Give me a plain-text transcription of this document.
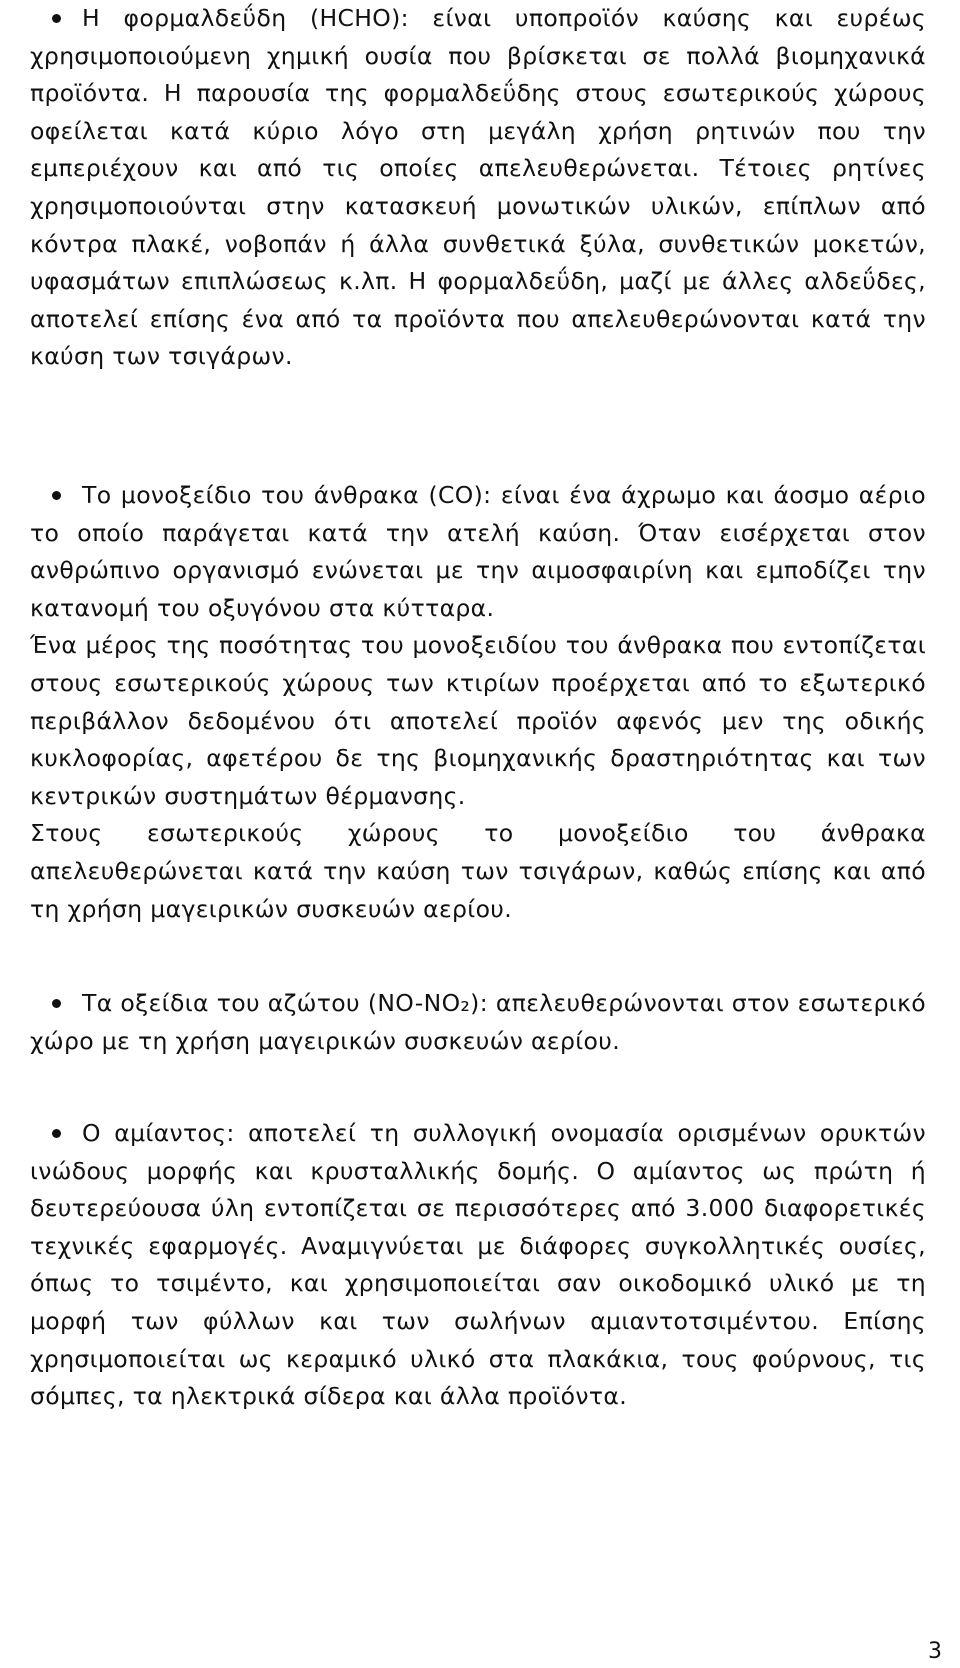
Η φορμαλδεΰδη (HCHO): είναι υποπροϊόν καύσης και ευρέως χρησιμοποιούμενη χημική ουσία που βρίσκεται σε πολλά βιομηχανικά προϊόντα. Η παρουσία της φορμαλδεΰδης στους εσωτερικούς χώρους οφείλεται κατά κύριο λόγο στη μεγάλη χρήση ρητινών που την εμπεριέχουν και από τις οποίες απελευθερώνεται. Τέτοιες ρητίνες χρησιμοποιούνται στην κατασκευή μονωτικών υλικών, επίπλων από κόντρα πλακέ, νοβοπάν ή άλλα συνθετικά ξύλα, συνθετικών μοκετών, υφασμάτων επιπλώσεως κ.λπ. Η φορμαλδεΰδη, μαζί με άλλες αλδεΰδες, αποτελεί επίσης ένα από τα προϊόντα που απελευθερώνονται κατά την καύση των τσιγάρων.

Το μονοξείδιο του άνθρακα (CO): είναι ένα άχρωμο και άοσμο αέριο το οποίο παράγεται κατά την ατελή καύση. Όταν εισέρχεται στον ανθρώπινο οργανισμό ενώνεται με την αιμοσφαιρίνη και εμποδίζει την κατανομή του οξυγόνου στα κύτταρα.

Ένα μέρος της ποσότητας του μονοξειδίου του άνθρακα που εντοπίζεται στους εσωτερικούς χώρους των κτιρίων προέρχεται από το εξωτερικό περιβάλλον δεδομένου ότι αποτελεί προϊόν αφενός μεν της οδικής κυκλοφορίας, αφετέρου δε της βιομηχανικής δραστηριότητας και των κεντρικών συστημάτων θέρμανσης.

Στους εσωτερικούς χώρους το μονοξείδιο του άνθρακα απελευθερώνεται κατά την καύση των τσιγάρων, καθώς επίσης και από τη χρήση μαγειρικών συσκευών αερίου.

Τα οξείδια του αζώτου (NO-NO₂): απελευθερώνονται στον εσωτερικό χώρο με τη χρήση μαγειρικών συσκευών αερίου.

Ο αμίαντος: αποτελεί τη συλλογική ονομασία ορισμένων ορυκτών ινώδους μορφής και κρυσταλλικής δομής. Ο αμίαντος ως πρώτη ή δευτερεύουσα ύλη εντοπίζεται σε περισσότερες από 3.000 διαφορετικές τεχνικές εφαρμογές. Αναμιγνύεται με διάφορες συγκολλητικές ουσίες, όπως το τσιμέντο, και χρησιμοποιείται σαν οικοδομικό υλικό με τη μορφή των φύλλων και των σωλήνων αμιαντοτσιμέντου. Επίσης χρησιμοποιείται ως κεραμικό υλικό στα πλακάκια, τους φούρνους, τις σόμπες, τα ηλεκτρικά σίδερα και άλλα προϊόντα.

3
